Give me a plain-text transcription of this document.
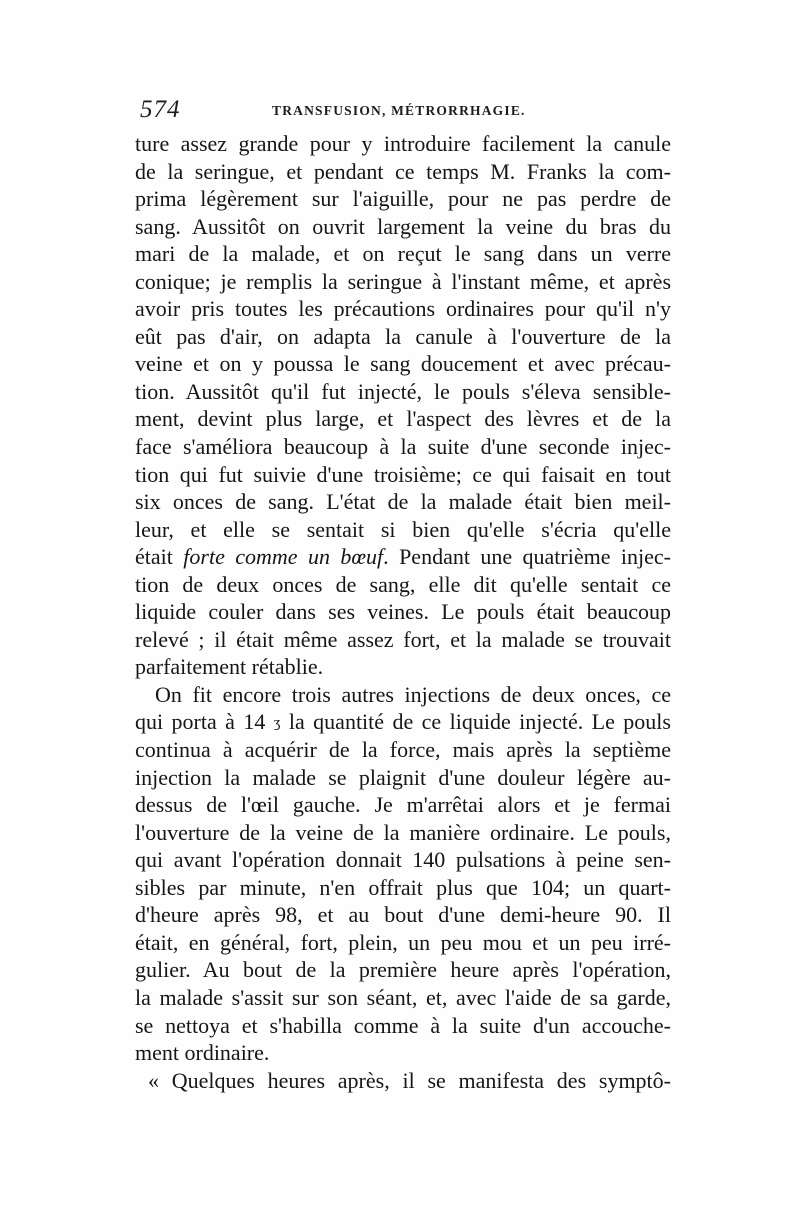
574	TRANSFUSION, MÉTRORRHAGIE.
ture assez grande pour y introduire facilement la canule
de la seringue, et pendant ce temps M. Franks la com-
prima légèrement sur l'aiguille, pour ne pas perdre de
sang. Aussitôt on ouvrit largement la veine du bras du
mari de la malade, et on reçut le sang dans un verre
conique; je remplis la seringue à l'instant même, et après
avoir pris toutes les précautions ordinaires pour qu'il n'y
eût pas d'air, on adapta la canule à l'ouverture de la
veine et on y poussa le sang doucement et avec précau-
tion. Aussitôt qu'il fut injecté, le pouls s'éleva sensible-
ment, devint plus large, et l'aspect des lèvres et de la
face s'améliora beaucoup à la suite d'une seconde injec-
tion qui fut suivie d'une troisième; ce qui faisait en tout
six onces de sang. L'état de la malade était bien meil-
leur, et elle se sentait si bien qu'elle s'écria qu'elle
était forte comme un bœuf. Pendant une quatrième injec-
tion de deux onces de sang, elle dit qu'elle sentait ce
liquide couler dans ses veines. Le pouls était beaucoup
relevé ; il était même assez fort, et la malade se trouvait
parfaitement rétablie.
On fit encore trois autres injections de deux onces, ce
qui porta à 14 ʒ la quantité de ce liquide injecté. Le pouls
continua à acquérir de la force, mais après la septième
injection la malade se plaignit d'une douleur légère au-
dessus de l'œil gauche. Je m'arrêtai alors et je fermai
l'ouverture de la veine de la manière ordinaire. Le pouls,
qui avant l'opération donnait 140 pulsations à peine sen-
sibles par minute, n'en offrait plus que 104; un quart-
d'heure après 98, et au bout d'une demi-heure 90. Il
était, en général, fort, plein, un peu mou et un peu irré-
gulier. Au bout de la première heure après l'opération,
la malade s'assit sur son séant, et, avec l'aide de sa garde,
se nettoya et s'habilla comme à la suite d'un accouche-
ment ordinaire.
« Quelques heures après, il se manifesta des symptô-
